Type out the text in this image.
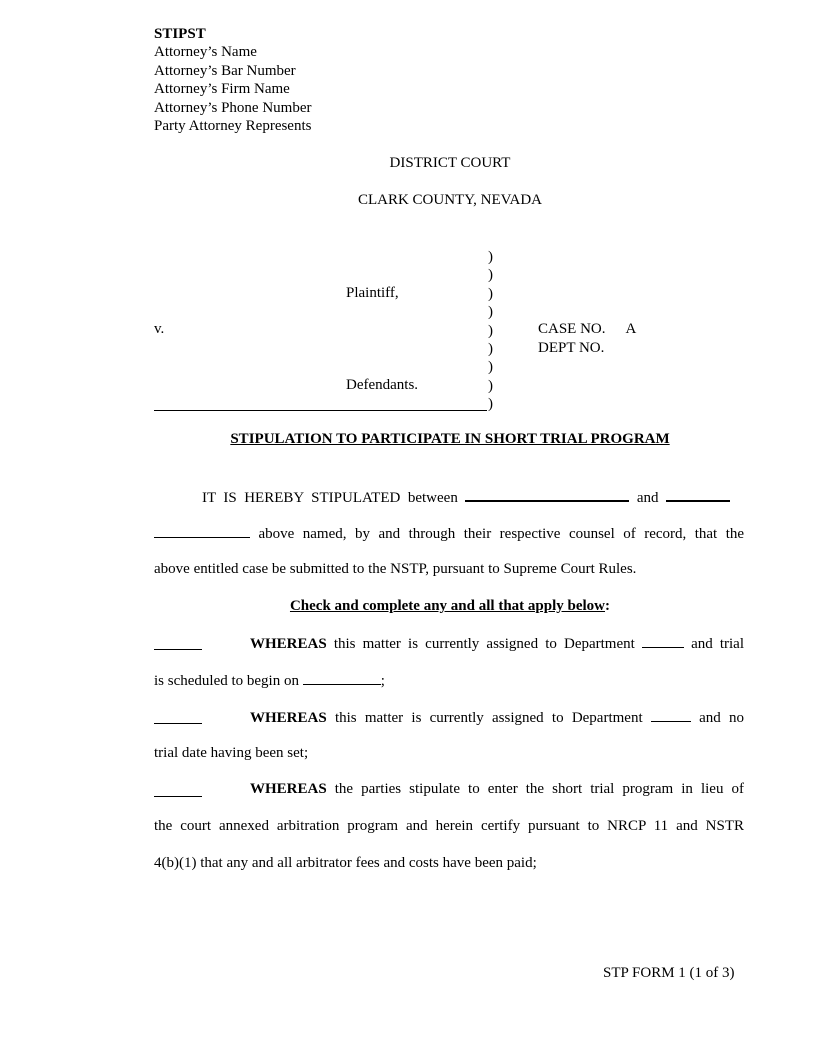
STIPST
Attorney’s Name
Attorney’s Bar Number
Attorney’s Firm Name
Attorney’s Phone Number
Party Attorney Represents
DISTRICT COURT
CLARK COUNTY, NEVADA
)
)
)
)
)
)
)
)
)
Plaintiff,
v.
Defendants.
CASE NO. A
DEPT NO.
STIPULATION TO PARTICIPATE IN SHORT TRIAL PROGRAM
IT IS HEREBY STIPULATED between	and
above named, by and through their respective counsel of record, that the
above entitled case be submitted to the NSTP, pursuant to Supreme Court Rules.
Check and complete any and all that apply below:
WHEREAS this matter is currently assigned to Department	and trial
is scheduled to begin on	;
WHEREAS this matter is currently assigned to Department	and no
trial date having been set;
WHEREAS the parties stipulate to enter the short trial program in lieu of
the court annexed arbitration program and herein certify pursuant to NRCP 11 and NSTR
4(b)(1) that any and all arbitrator fees and costs have been paid;
STP FORM 1 (1 of 3)
